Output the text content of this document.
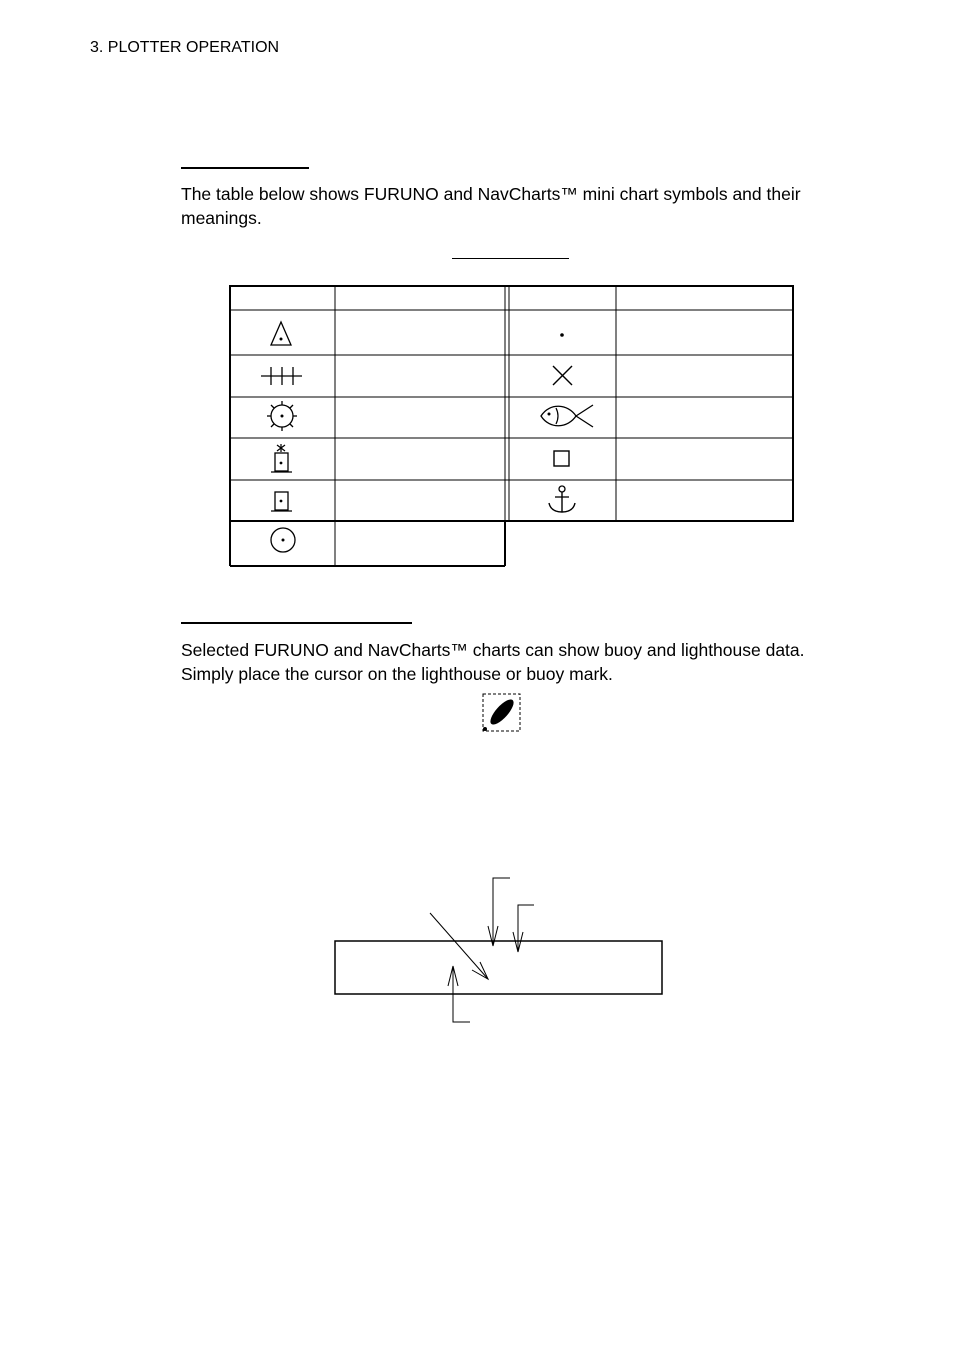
3. PLOTTER OPERATION
The table below shows FURUNO and NavCharts™ mini chart symbols and their
meanings.
Selected FURUNO and NavCharts™ charts can show buoy and lighthouse data.
Simply place the cursor on the lighthouse or buoy mark.
